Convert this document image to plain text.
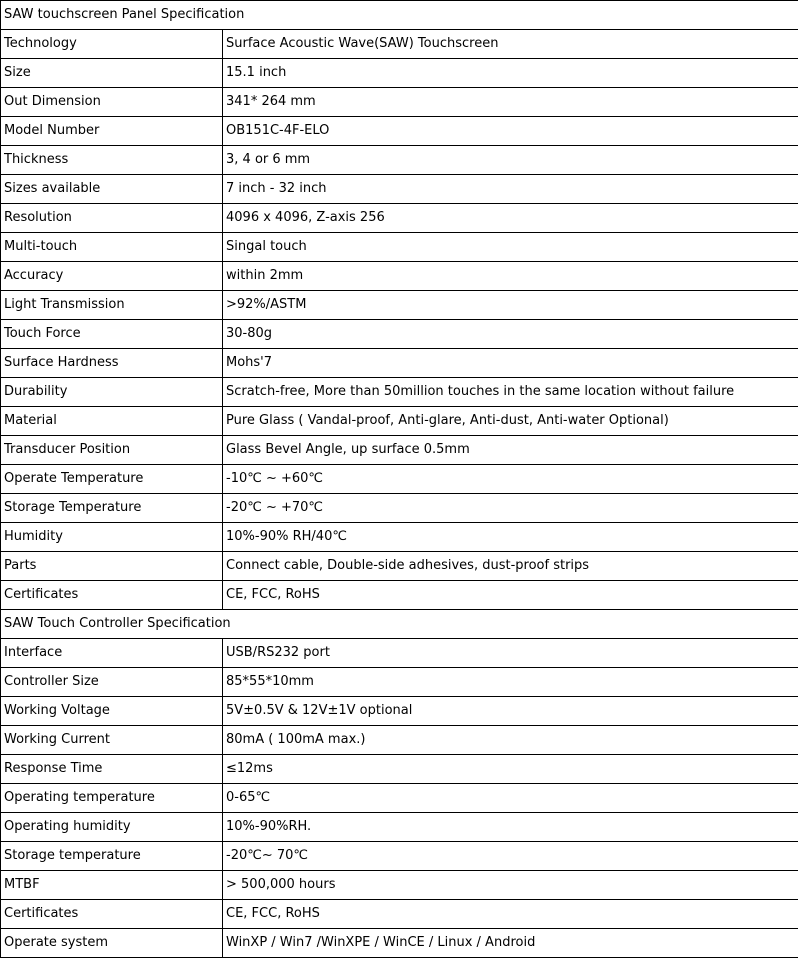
SAW touchscreen Panel Specification	
Technology	Surface Acoustic Wave(SAW) Touchscreen
Size	15.1 inch
Out Dimension	341* 264 mm
Model Number	OB151C-4F-ELO
Thickness	3, 4 or 6 mm
Sizes available	7 inch - 32 inch
Resolution	4096 x 4096, Z-axis 256
Multi-touch	Singal touch
Accuracy	within 2mm
Light Transmission	>92%/ASTM
Touch Force	30-80g
Surface Hardness	Mohs'7
Durability	Scratch-free, More than 50million touches in the same location without failure
Material	Pure Glass ( Vandal-proof, Anti-glare, Anti-dust, Anti-water Optional)
Transducer Position	Glass Bevel Angle, up surface 0.5mm
Operate Temperature	-10℃ ~ +60℃
Storage Temperature	-20℃ ~ +70℃
Humidity	10%-90% RH/40℃
Parts	Connect cable, Double-side adhesives, dust-proof strips
Certificates	CE, FCC, RoHS
SAW Touch Controller Specification	
Interface	USB/RS232 port
Controller Size	85*55*10mm
Working Voltage	5V±0.5V & 12V±1V optional
Working Current	80mA ( 100mA max.)
Response Time	≤12ms
Operating temperature	0-65℃
Operating humidity	10%-90%RH.
Storage temperature	-20℃~ 70℃
MTBF	> 500,000 hours
Certificates	CE, FCC, RoHS
Operate system	WinXP / Win7 /WinXPE / WinCE / Linux / Android
